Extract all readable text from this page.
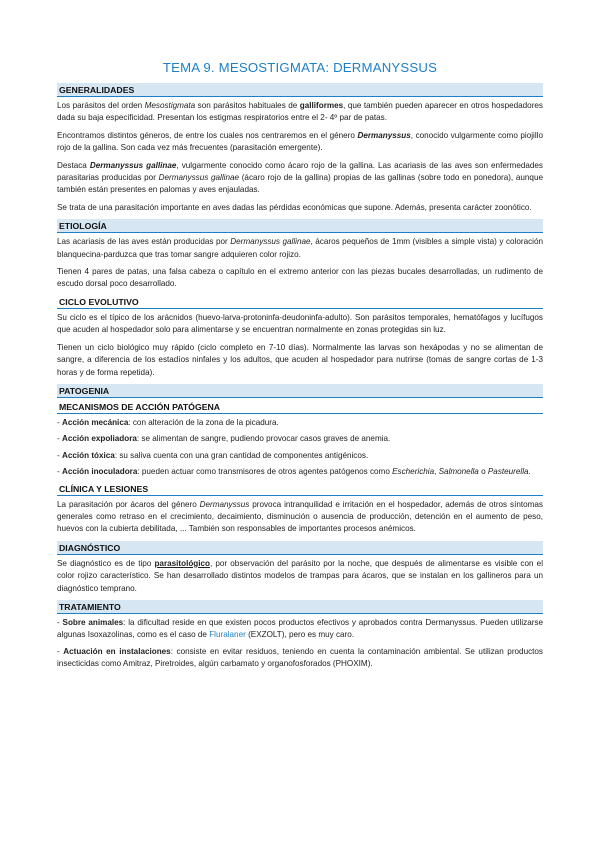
TEMA 9. MESOSTIGMATA: DERMANYSSUS
GENERALIDADES

Los parásitos del orden Mesostigmata son parásitos habituales de galliformes, que también pueden aparecer en otros hospedadores dada su baja especificidad. Presentan los estigmas respiratorios entre el 2- 4º par de patas.

Encontramos distintos géneros, de entre los cuales nos centraremos en el género Dermanyssus, conocido vulgarmente como piojillo rojo de la gallina. Son cada vez más frecuentes (parasitación emergente).

Destaca Dermanyssus gallinae, vulgarmente conocido como ácaro rojo de la gallina. Las acariasis de las aves son enfermedades parasitarias producidas por Dermanyssus gallinae (ácaro rojo de la gallina) propias de las gallinas (sobre todo en ponedora), aunque también están presentes en palomas y aves enjauladas.

Se trata de una parasitación importante en aves dadas las pérdidas económicas que supone. Además, presenta carácter zoonótico.

ETIOLOGÍA

Las acariasis de las aves están producidas por Dermanyssus gallinae, ácaros pequeños de 1mm (visibles a simple vista) y coloración blanquecina-parduzca que tras tomar sangre adquieren color rojizo.

Tienen 4 pares de patas, una falsa cabeza o capítulo en el extremo anterior con las piezas bucales desarrolladas, un rudimento de escudo dorsal poco desarrollado.

CICLO EVOLUTIVO

Su ciclo es el típico de los arácnidos (huevo-larva-protoninfa-deudoninfa-adulto). Son parásitos temporales, hematófagos y lucífugos que acuden al hospedador solo para alimentarse y se encuentran normalmente en zonas protegidas sin luz.

Tienen un ciclo biológico muy rápido (ciclo completo en 7-10 días). Normalmente las larvas son hexápodas y no se alimentan de sangre, a diferencia de los estadíos ninfales y los adultos, que acuden al hospedador para nutrirse (tomas de sangre cortas de 1-3 horas y de forma repetida).

PATOGENIA
MECANISMOS DE ACCIÓN PATÓGENA

- Acción mecánica: con alteración de la zona de la picadura.

- Acción expoliadora: se alimentan de sangre, pudiendo provocar casos graves de anemia.

- Acción tóxica: su saliva cuenta con una gran cantidad de componentes antigénicos.

- Acción inoculadora: pueden actuar como transmisores de otros agentes patógenos como Escherichia, Salmonella o Pasteurella.

CLÍNICA Y LESIONES

La parasitación por ácaros del género Dermanyssus provoca intranquilidad e irritación en el hospedador, además de otros síntomas generales como retraso en el crecimiento, decaimiento, disminución o ausencia de producción, detención en el aumento de peso, huevos con la cubierta debilitada, ... También son responsables de importantes procesos anémicos.

DIAGNÓSTICO

Se diagnóstico es de tipo parasitológico, por observación del parásito por la noche, que después de alimentarse es visible con el color rojizo característico. Se han desarrollado distintos modelos de trampas para ácaros, que se instalan en los gallineros para un diagnóstico temprano.

TRATAMIENTO

- Sobre animales: la dificultad reside en que existen pocos productos efectivos y aprobados contra Dermanyssus. Pueden utilizarse algunas Isoxazolinas, como es el caso de Fluralaner (EXZOLT), pero es muy caro.

- Actuación en instalaciones: consiste en evitar residuos, teniendo en cuenta la contaminación ambiental. Se utilizan productos insecticidas como Amitraz, Piretroides, algún carbamato y organofosforados (PHOXIM).
